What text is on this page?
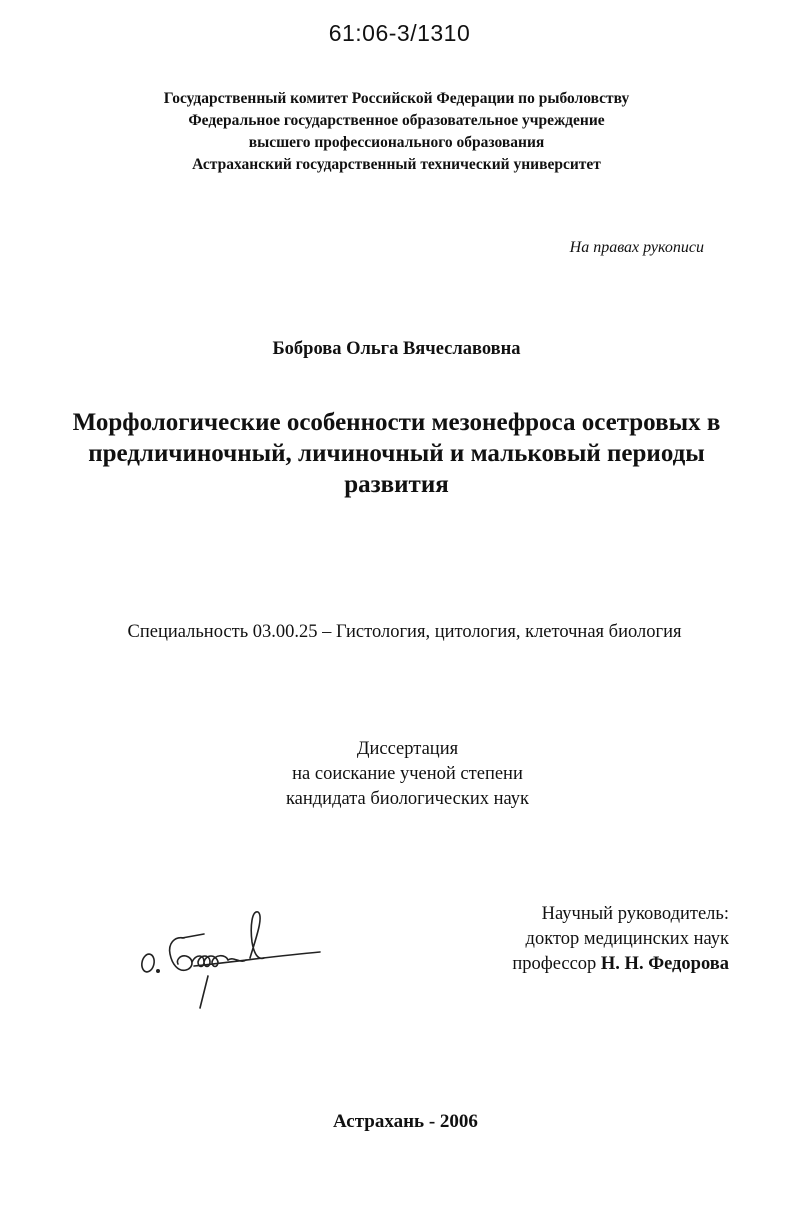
61:06-3/1310
Государственный комитет Российской Федерации по рыболовству
Федеральное государственное образовательное учреждение
высшего профессионального образования
Астраханский государственный технический университет
На правах рукописи
Боброва Ольга Вячеславовна
Морфологические особенности мезонефроса осетровых в
предличиночный, личиночный и мальковый периоды
развития
Специальность 03.00.25 – Гистология, цитология, клеточная биология
Диссертация
на соискание ученой степени
кандидата биологических наук
Научный руководитель:
доктор медицинских наук
профессор Н. Н. Федорова
Астрахань - 2006
